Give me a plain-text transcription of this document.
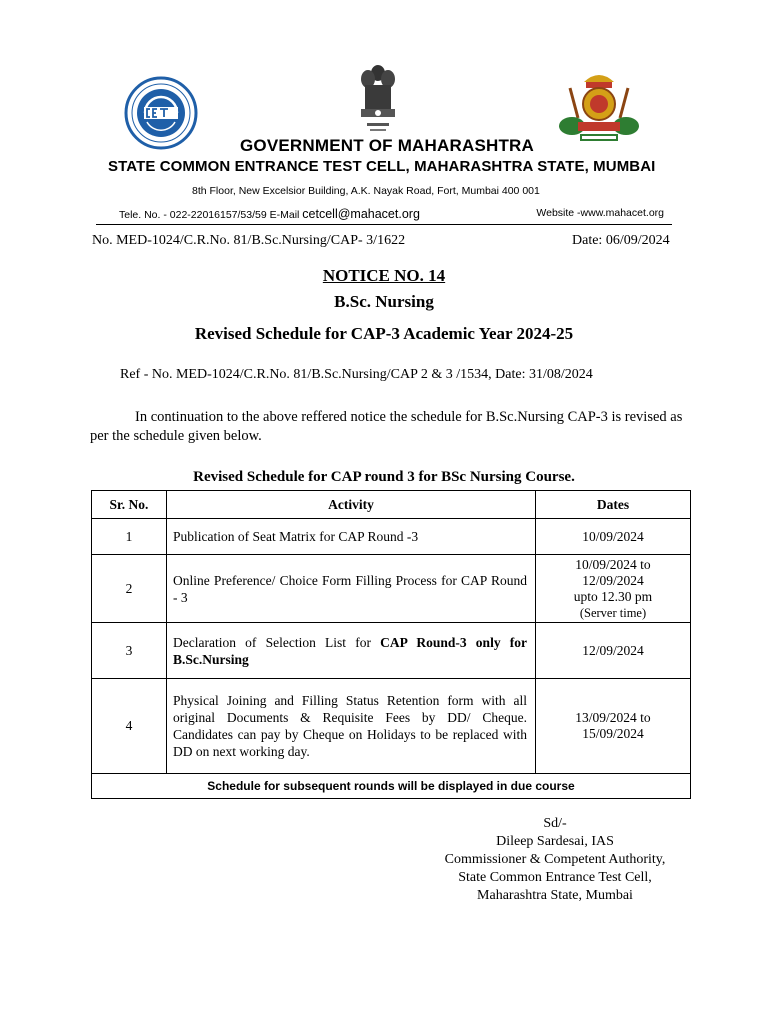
GOVERNMENT OF MAHARASHTRA
STATE COMMON ENTRANCE TEST CELL, MAHARASHTRA STATE, MUMBAI
8th Floor, New Excelsior Building, A.K. Nayak Road, Fort, Mumbai 400 001
Tele. No. - 022-22016157/53/59 E-Mail cetcell@mahacet.org	Website -www.mahacet.org
No. MED-1024/C.R.No. 81/B.Sc.Nursing/CAP- 3/1622	Date: 06/09/2024
NOTICE NO. 14
B.Sc. Nursing
Revised Schedule for CAP-3 Academic Year 2024-25
Ref - No. MED-1024/C.R.No. 81/B.Sc.Nursing/CAP 2 & 3 /1534, Date: 31/08/2024
In continuation to the above reffered notice the schedule for B.Sc.Nursing CAP-3 is revised as per the schedule given below.
Revised Schedule for CAP round 3 for BSc Nursing Course.
Sr. No.	Activity	Dates
1	Publication of Seat Matrix for CAP Round -3	10/09/2024
2	Online Preference/ Choice Form Filling Process for CAP Round - 3	10/09/2024 to
12/09/2024
upto 12.30 pm
(Server time)

3	Declaration of Selection List for CAP Round-3 only for B.Sc.Nursing	12/09/2024
4	Physical Joining and Filling Status Retention form with all original Documents & Requisite Fees by DD/ Cheque. Candidates can pay by Cheque on Holidays to be replaced with DD on next working day.	13/09/2024 to
15/09/2024

Schedule for subsequent rounds will be displayed in due course		
Sd/-
Dileep Sardesai, IAS
Commissioner & Competent Authority,
State Common Entrance Test Cell,
Maharashtra State, Mumbai
